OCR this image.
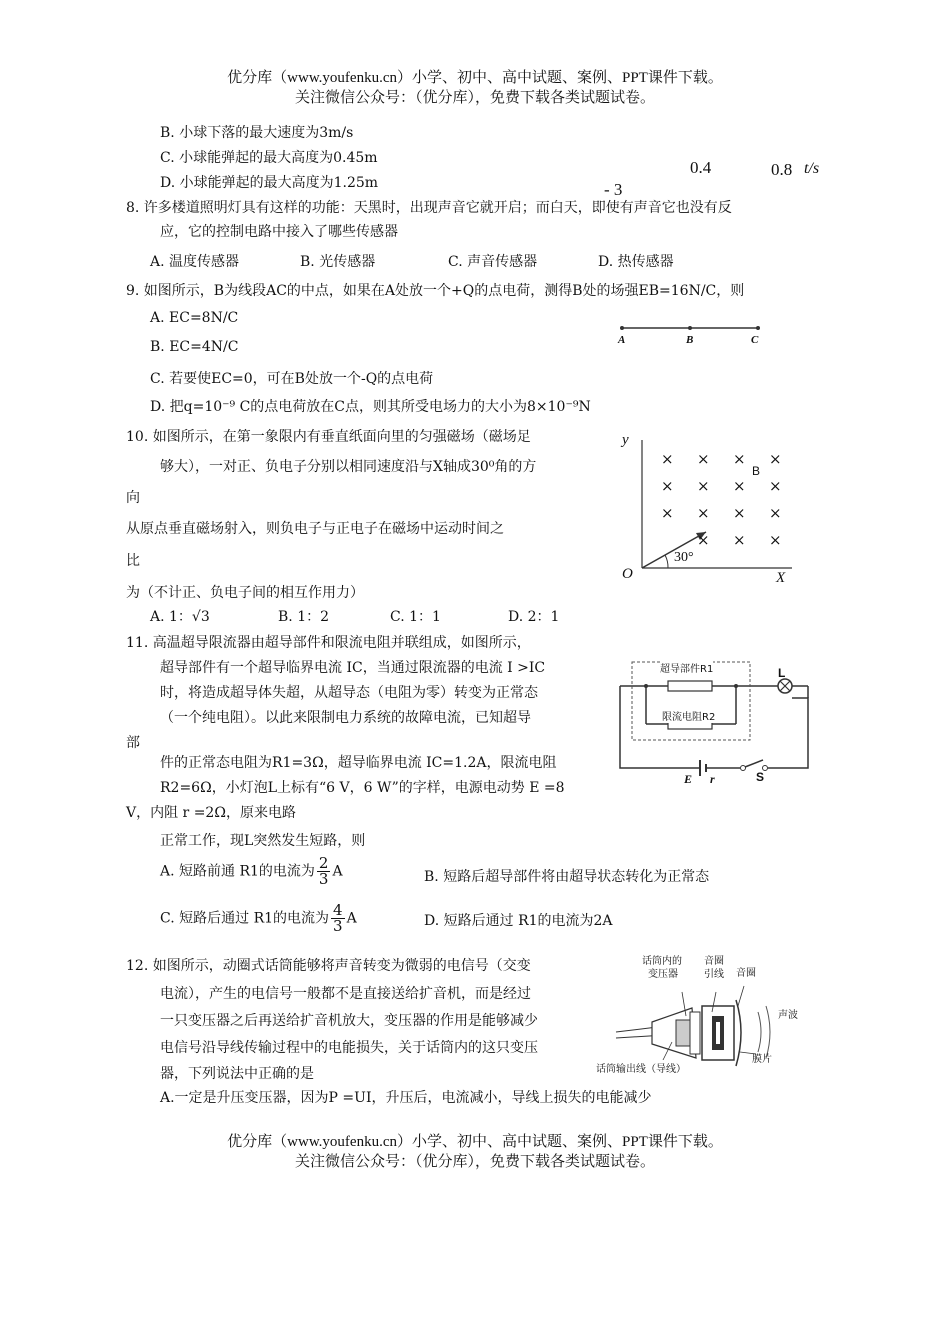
优分库（www.youfenku.cn）小学、初中、高中试题、案例、PPT课件下载。
关注微信公众号：（优分库），免费下载各类试题试卷。
B. 小球下落的最大速度为3m/s
C. 小球能弹起的最大高度为0.45m
D. 小球能弹起的最大高度为1.25m
0.4	0.8 t/s
- 3
8. 许多楼道照明灯具有这样的功能：天黑时，出现声音它就开启；而白天，即使有声音它也没有反
应，它的控制电路中接入了哪些传感器
A. 温度传感器	B. 光传感器	C. 声音传感器	D. 热传感器
9. 如图所示，B为线段AC的中点，如果在A处放一个+Q的点电荷，测得B处的场强EB=16N/C，则
A. EC=8N/C
B. EC=4N/C
C. 若要使EC=0，可在B处放一个-Q的点电荷
D. 把q=10⁻⁹ C的点电荷放在C点，则其所受电场力的大小为8×10⁻⁹N
A	B	C
10. 如图所示，在第一象限内有垂直纸面向里的匀强磁场（磁场足
够大），一对正、负电子分别以相同速度沿与X轴成30⁰角的方
向
从原点垂直磁场射入，则负电子与正电子在磁场中运动时间之
比
为（不计正、负电子间的相互作用力）
A. 1：√3	B. 1：2	C. 1：1	D. 2：1
y
X
O
30°
B
× × × ×
× × × ×
× × × ×
× × ×
11. 高温超导限流器由超导部件和限流电阻并联组成，如图所示，
超导部件有一个超导临界电流 IC，当通过限流器的电流 I >IC
时，将造成超导体失超，从超导态（电阻为零）转变为正常态
（一个纯电阻）。以此来限制电力系统的故障电流，已知超导
部
件的正常态电阻为R1=3Ω，超导临界电流 IC=1.2A，限流电阻
R2=6Ω，小灯泡L上标有“6 V，6 W”的字样，电源电动势 E =8
V，内阻 r =2Ω，原来电路
正常工作，现L突然发生短路，则
A. 短路前通 R1的电流为 $\frac{2}{3}$ A	B. 短路后超导部件将由超导状态转化为正常态
C. 短路后通过 R1的电流为 $\frac{4}{3}$ A	D. 短路后通过 R1的电流为2A
超导部件R1
限流电阻R2
L
E r	S
12. 如图所示，动圈式话筒能够将声音转变为微弱的电信号（交变
电流），产生的电信号一般都不是直接送给扩音机，而是经过
一只变压器之后再送给扩音机放大，变压器的作用是能够减少
电信号沿导线传输过程中的电能损失，关于话筒内的这只变压
器，下列说法中正确的是
A.一定是升压变压器，因为P =UI，升压后，电流减小，导线上损失的电能减少
话筒内的
变压器
音圈
引线 音圈
声波
膜片
话筒输出线（导线）
优分库（www.youfenku.cn）小学、初中、高中试题、案例、PPT课件下载。
关注微信公众号：（优分库），免费下载各类试题试卷。
